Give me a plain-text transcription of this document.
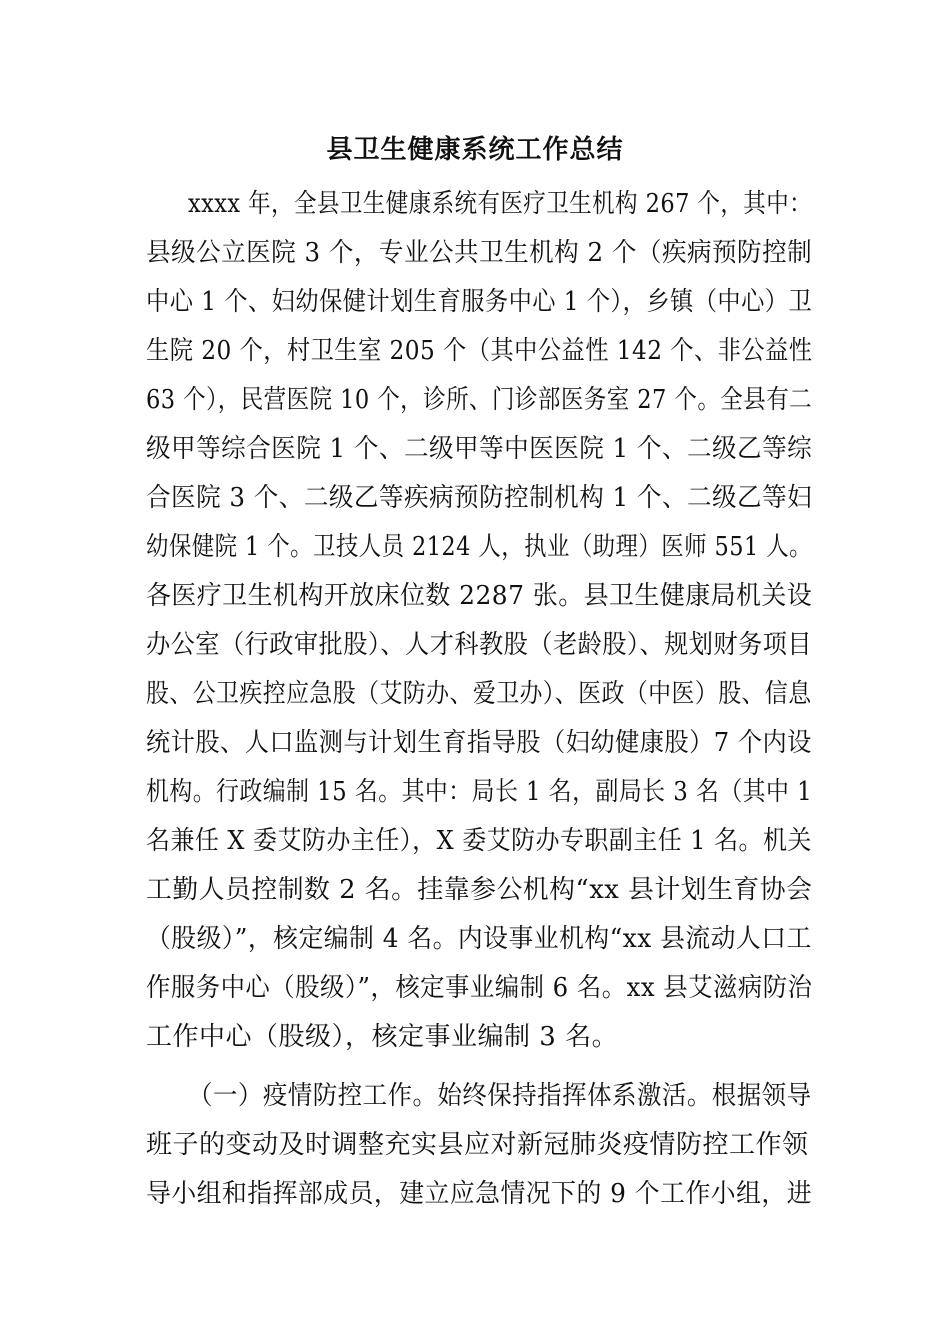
县卫生健康系统工作总结
xxxx 年，全县卫生健康系统有医疗卫生机构 267 个，其中：
县级公立医院 3 个，专业公共卫生机构 2 个（疾病预防控制
中心 1 个、妇幼保健计划生育服务中心 1 个），乡镇（中心）卫
生院 20 个，村卫生室 205 个（其中公益性 142 个、非公益性
63 个），民营医院 10 个，诊所、门诊部医务室 27 个。全县有二
级甲等综合医院 1 个、二级甲等中医医院 1 个、二级乙等综
合医院 3 个、二级乙等疾病预防控制机构 1 个、二级乙等妇
幼保健院 1 个。卫技人员 2124 人，执业（助理）医师 551 人。
各医疗卫生机构开放床位数 2287 张。县卫生健康局机关设
办公室（行政审批股）、人才科教股（老龄股）、规划财务项目
股、公卫疾控应急股（艾防办、爱卫办）、医政（中医）股、信息
统计股、人口监测与计划生育指导股（妇幼健康股）7 个内设
机构。行政编制 15 名。其中：局长 1 名，副局长 3 名（其中 1
名兼任 X 委艾防办主任），X 委艾防办专职副主任 1 名。机关
工勤人员控制数 2 名。挂靠参公机构“xx 县计划生育协会
（股级）”，核定编制 4 名。内设事业机构“xx 县流动人口工
作服务中心（股级）”，核定事业编制 6 名。xx 县艾滋病防治
工作中心（股级），核定事业编制 3 名。
（一）疫情防控工作。始终保持指挥体系激活。根据领导
班子的变动及时调整充实县应对新冠肺炎疫情防控工作领
导小组和指挥部成员，建立应急情况下的 9 个工作小组，进
